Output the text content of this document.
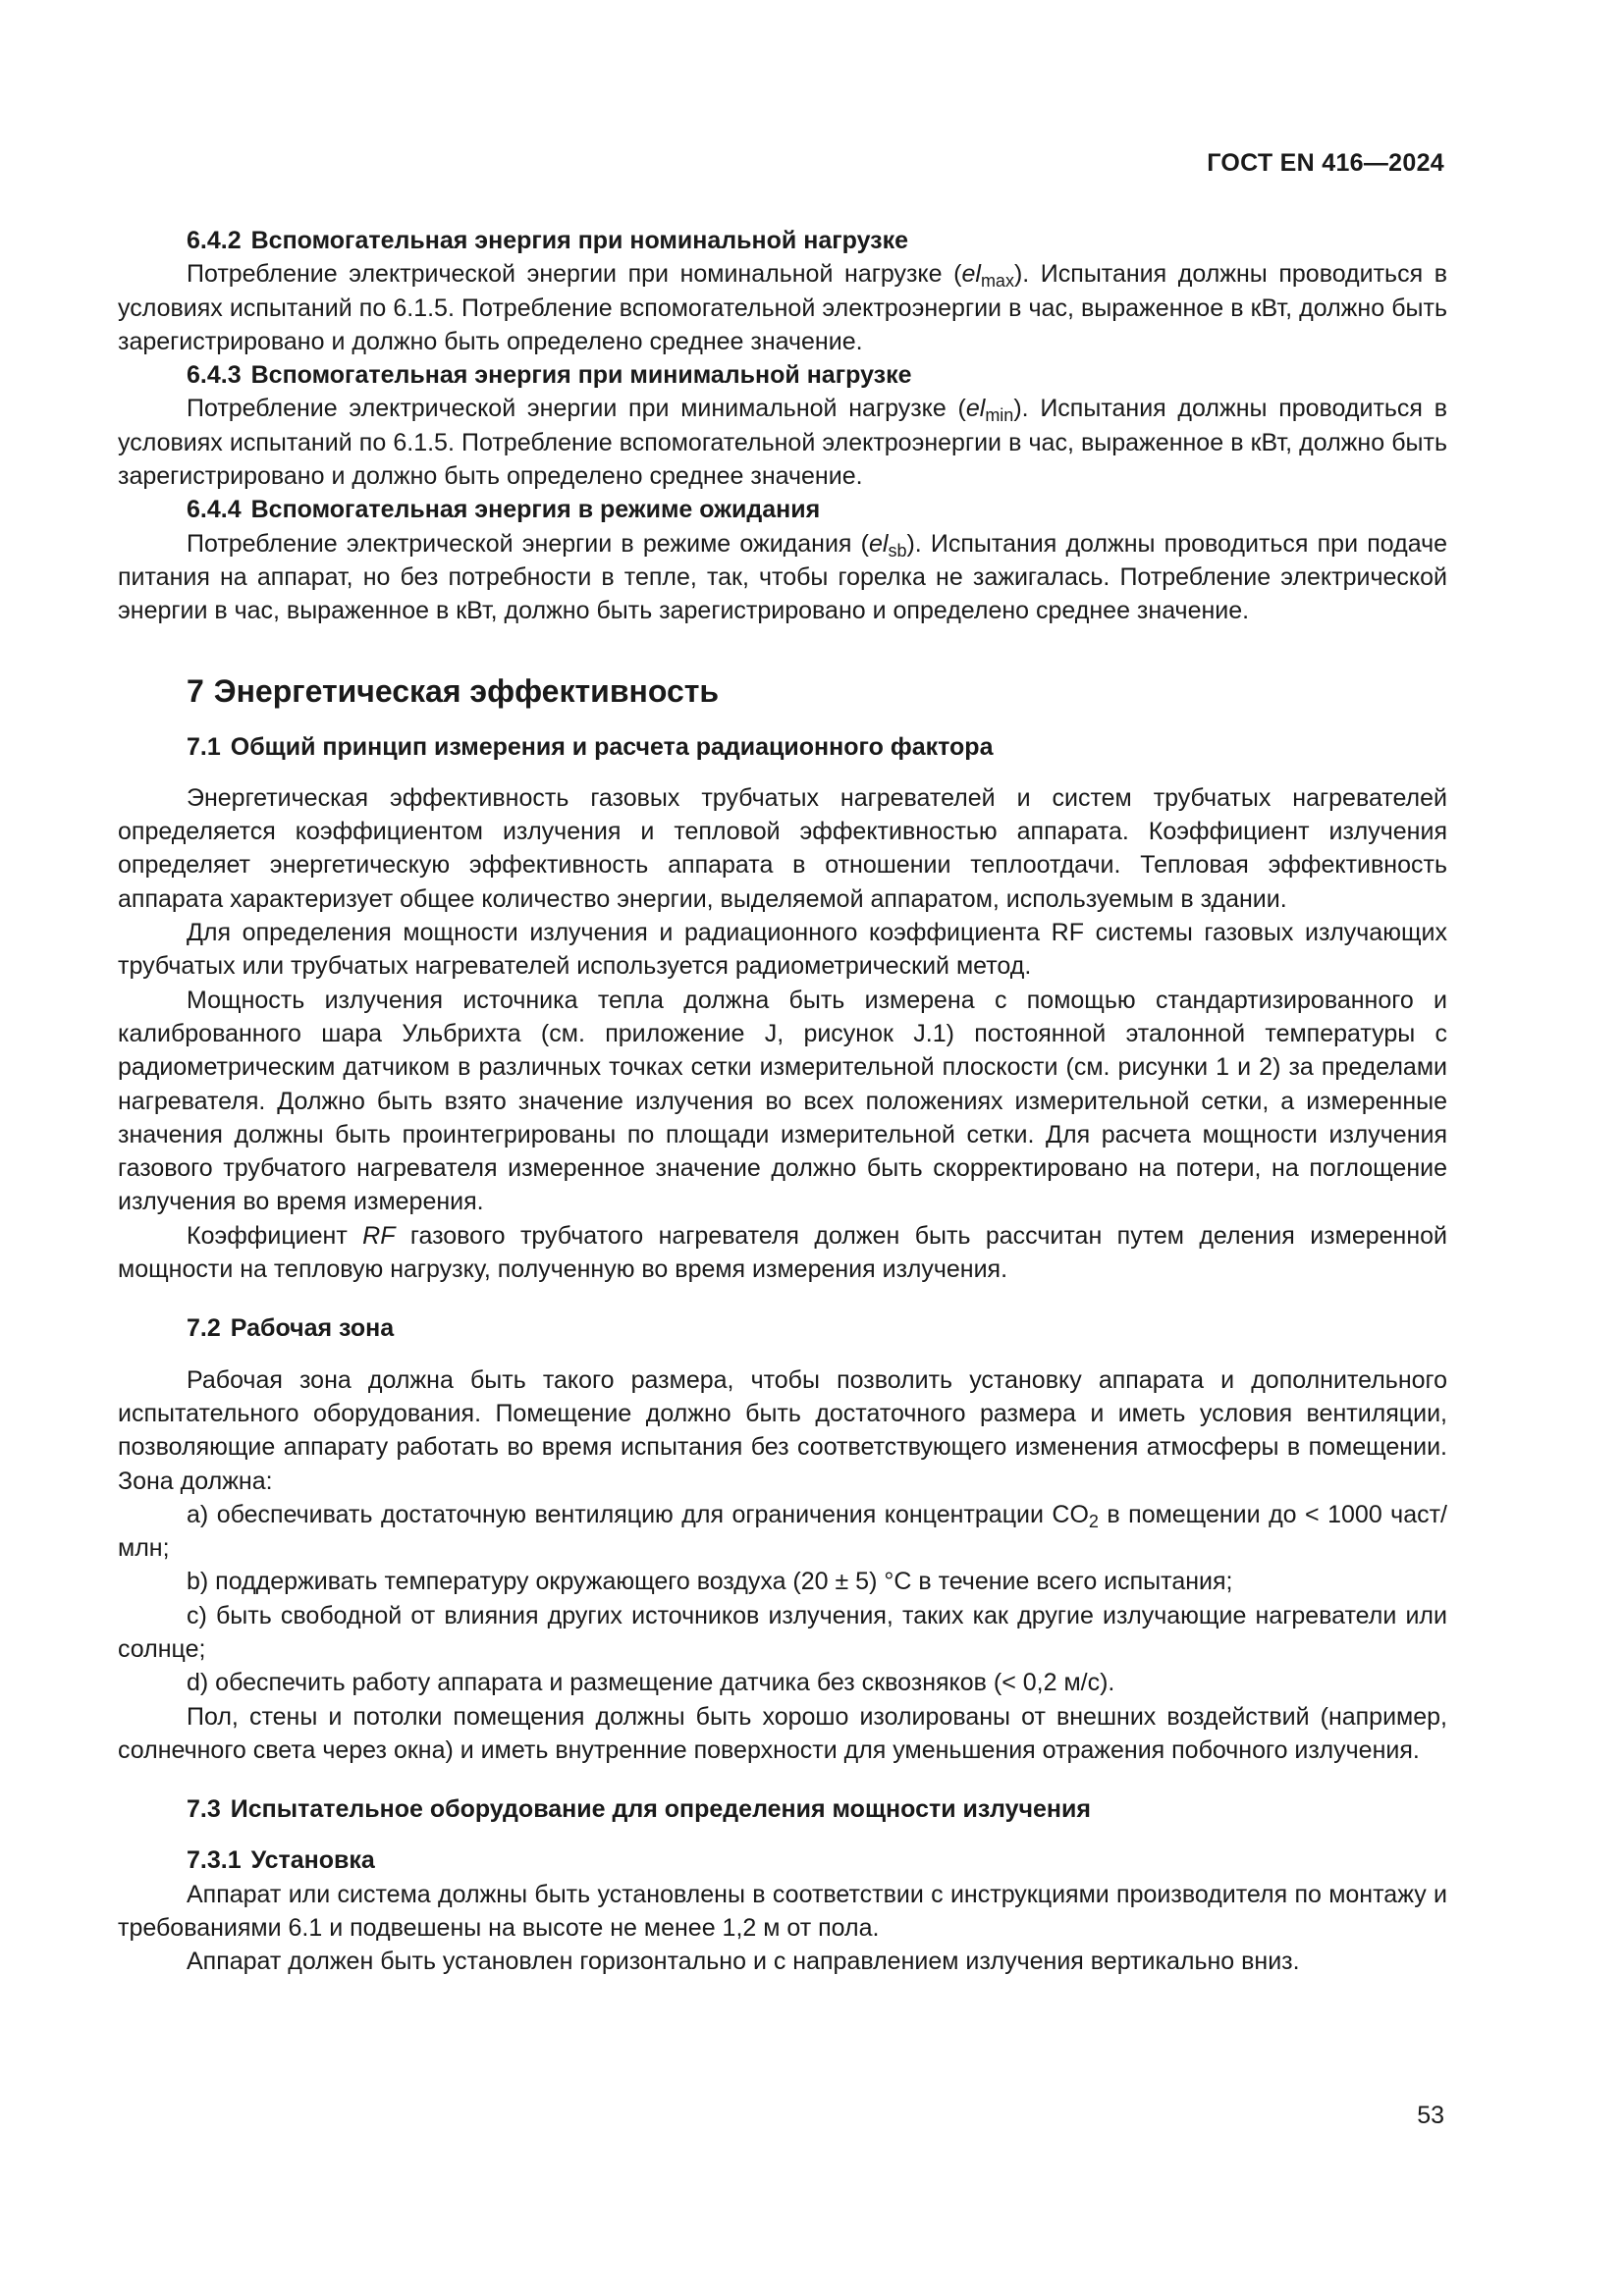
ГОСТ EN 416—2024
6.4.2 Вспомогательная энергия при номинальной нагрузке

Потребление электрической энергии при номинальной нагрузке $(el_{max})$. Испытания должны проводиться в условиях испытаний по 6.1.5. Потребление вспомогательной электроэнергии в час, выраженное в кВт, должно быть зарегистрировано и должно быть определено среднее значение.

6.4.3 Вспомогательная энергия при минимальной нагрузке

Потребление электрической энергии при минимальной нагрузке $(el_{min})$. Испытания должны проводиться в условиях испытаний по 6.1.5. Потребление вспомогательной электроэнергии в час, выраженное в кВт, должно быть зарегистрировано и должно быть определено среднее значение.

6.4.4 Вспомогательная энергия в режиме ожидания

Потребление электрической энергии в режиме ожидания $(el_{sb})$. Испытания должны проводиться при подаче питания на аппарат, но без потребности в тепле, так, чтобы горелка не зажигалась. Потребление электрической энергии в час, выраженное в кВт, должно быть зарегистрировано и определено среднее значение.

7 Энергетическая эффективность
7.1 Общий принцип измерения и расчета радиационного фактора

Энергетическая эффективность газовых трубчатых нагревателей и систем трубчатых нагревателей определяется коэффициентом излучения и тепловой эффективностью аппарата. Коэффициент излучения определяет энергетическую эффективность аппарата в отношении теплоотдачи. Тепловая эффективность аппарата характеризует общее количество энергии, выделяемой аппаратом, используемым в здании.

Для определения мощности излучения и радиационного коэффициента RF системы газовых излучающих трубчатых или трубчатых нагревателей используется радиометрический метод.

Мощность излучения источника тепла должна быть измерена с помощью стандартизированного и калиброванного шара Ульбрихта (см. приложение J, рисунок J.1) постоянной эталонной температуры с радиометрическим датчиком в различных точках сетки измерительной плоскости (см. рисунки 1 и 2) за пределами нагревателя. Должно быть взято значение излучения во всех положениях измерительной сетки, а измеренные значения должны быть проинтегрированы по площади измерительной сетки. Для расчета мощности излучения газового трубчатого нагревателя измеренное значение должно быть скорректировано на потери, на поглощение излучения во время измерения.

Коэффициент RF газового трубчатого нагревателя должен быть рассчитан путем деления измеренной мощности на тепловую нагрузку, полученную во время измерения излучения.

7.2 Рабочая зона

Рабочая зона должна быть такого размера, чтобы позволить установку аппарата и дополнительного испытательного оборудования. Помещение должно быть достаточного размера и иметь условия вентиляции, позволяющие аппарату работать во время испытания без соответствующего изменения атмосферы в помещении. Зона должна:

a) обеспечивать достаточную вентиляцию для ограничения концентрации $CO_2$ в помещении до < 1000 част/млн;

b) поддерживать температуру окружающего воздуха (20 ± 5) °C в течение всего испытания;

c) быть свободной от влияния других источников излучения, таких как другие излучающие нагреватели или солнце;

d) обеспечить работу аппарата и размещение датчика без сквозняков (< 0,2 м/с).

Пол, стены и потолки помещения должны быть хорошо изолированы от внешних воздействий (например, солнечного света через окна) и иметь внутренние поверхности для уменьшения отражения побочного излучения.

7.3 Испытательное оборудование для определения мощности излучения
7.3.1 Установка

Аппарат или система должны быть установлены в соответствии с инструкциями производителя по монтажу и требованиями 6.1 и подвешены на высоте не менее 1,2 м от пола.

Аппарат должен быть установлен горизонтально и с направлением излучения вертикально вниз.

53
